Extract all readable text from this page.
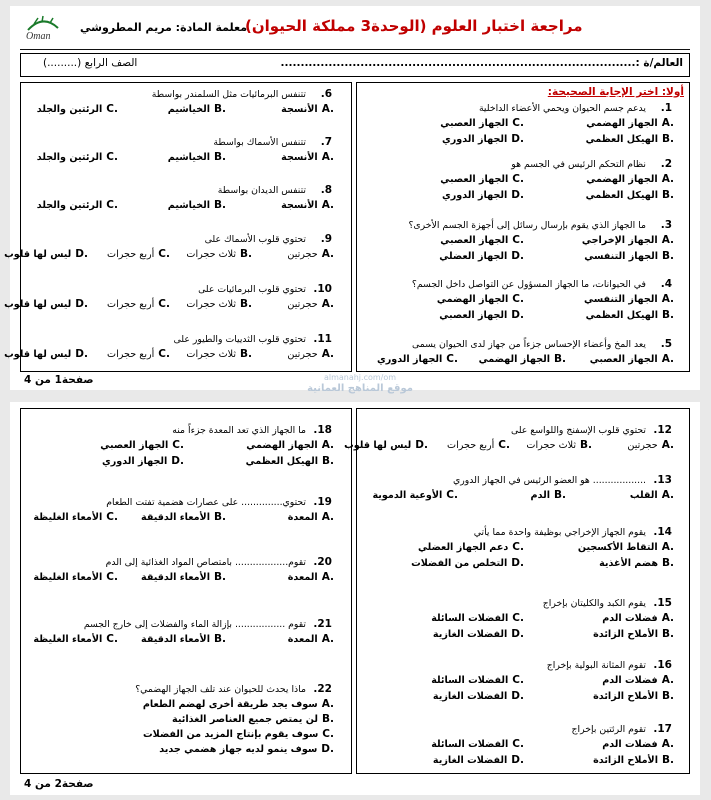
Oman
معلمة المادة: مريم المطروشي
مراجعة اختبار العلوم (الوحدة3 مملكة الحيوان)
العالم/ة :.........................................................................................
الصف الرابع (.........)
أولا: اختر الإجابة الصحيحة:
صفحة1 من 4
صفحة2 من 4
almanahj.com/om
موقع المناهج العمانية
1.يدعم جسم الحيوان ويحمي الأعضاء الداخلية
A.الجهاز الهضمي
B.الهيكل العظمي
C.الجهاز العصبي
D.الجهاز الدوري
2.نظام التحكم الرئيس في الجسم هو
A.الجهاز الهضمي
B.الهيكل العظمي
C.الجهاز العصبي
D.الجهاز الدوري
3.ما الجهاز الذي يقوم بإرسال رسائل إلى أجهزة الجسم الأخرى؟
A.الجهاز الإخراجي
B.الجهاز التنفسي
C.الجهاز العصبي
D.الجهاز العضلي
4.في الحيوانات، ما الجهاز المسؤول عن التواصل داخل الجسم؟
A.الجهاز التنفسي
B.الهيكل العظمي
C.الجهاز الهضمي
D.الجهاز العصبي
5.يعد المخ وأعضاء الإحساس جزءاً من جهاز لدى الحيوان يسمى
A.الجهاز العصبي
B.الجهاز الهضمي
C.الجهاز الدوري
6.تتنفس البرمائيات مثل السلمندر بواسطة
A.الأنسجة
B.الخياشيم
C.الرئتين والجلد
7.تتنفس الأسماك بواسطة
A.الأنسجة
B.الخياشيم
C.الرئتين والجلد
8.تتنفس الديدان بواسطة
A.الأنسجة
B.الخياشيم
C.الرئتين والجلد
9.تحتوي قلوب الأسماك على
A.حجرتين
B.ثلاث حجرات
C.أربع حجرات
D.ليس لها قلوب
10.تحتوي قلوب البرمائيات على
A.حجرتين
B.ثلاث حجرات
C.أربع حجرات
D.ليس لها قلوب
11.تحتوي قلوب الثدييات والطيور على
A.حجرتين
B.ثلاث حجرات
C.أربع حجرات
D.ليس لها قلوب
12.تحتوي قلوب الإسفنج واللواسع على
A.حجرتين
B.ثلاث حجرات
C.أربع حجرات
D.ليس لها قلوب
13................... هو العضو الرئيس في الجهاز الدوري
A.القلب
B.الدم
C.الأوعية الدموية
14.يقوم الجهاز الإخراجي بوظيفة واحدة مما يأتي
A.التقاط الأكسجين
B.هضم الأغذية
C.دعم الجهاز العضلي
D.التخلص من الفضلات
15.يقوم الكبد والكليتان بإخراج
A.فضلات الدم
B.الأملاح الزائدة
C.الفضلات السائلة
D.الفضلات الغازية
16.تقوم المثانة البولية بإخراج
A.فضلات الدم
B.الأملاح الزائدة
C.الفضلات السائلة
D.الفضلات الغازية
17.تقوم الرئتين بإخراج
A.فضلات الدم
B.الأملاح الزائدة
C.الفضلات السائلة
D.الفضلات الغازية
18.ما الجهاز الذي تعد المعدة جزءاً منه
A.الجهاز الهضمي
B.الهيكل العظمي
C.الجهاز العصبي
D.الجهاز الدوري
19.تحتوي.............. على عصارات هضمية تفتت الطعام
A.المعدة
B.الأمعاء الدقيقة
C.الأمعاء الغليظة
20.تقوم.................. بامتصاص المواد الغذائية إلى الدم
A.المعدة
B.الأمعاء الدقيقة
C.الأمعاء الغليظة
21.تقوم ................. بإزالة الماء والفضلات إلى خارج الجسم
A.المعدة
B.الأمعاء الدقيقة
C.الأمعاء الغليظة
22.ماذا يحدث للحيوان عند تلف الجهاز الهضمي؟
A.سوف يجد طريقة أخرى لهضم الطعام
B.لن يمتص جميع العناصر الغذائية
C.سوف يقوم بإنتاج المزيد من الفضلات
D.سوف ينمو لديه جهاز هضمي جديد
